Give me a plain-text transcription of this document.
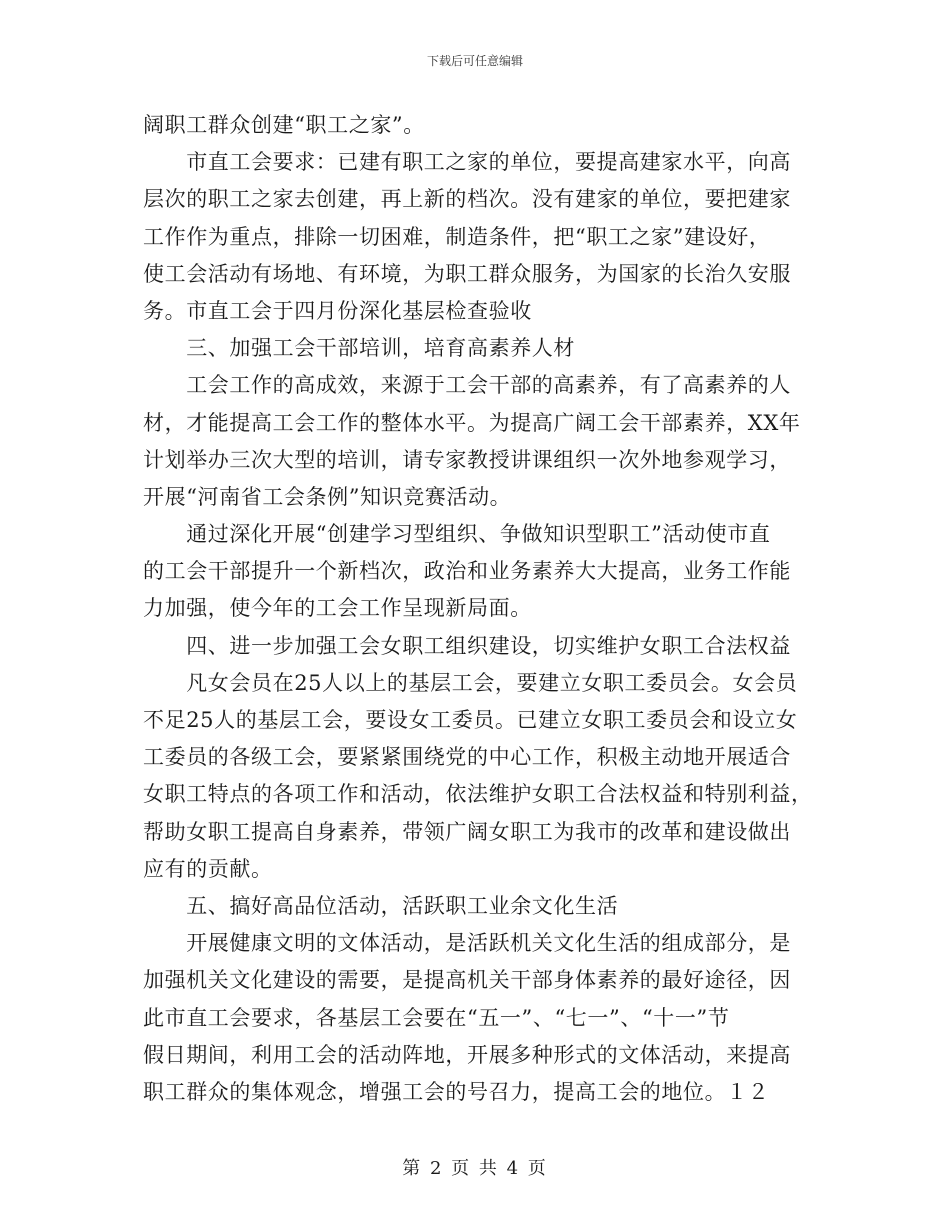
下载后可任意编辑
阔职工群众创建“职工之家”。
　　市直工会要求：已建有职工之家的单位，要提高建家水平，向高
层次的职工之家去创建，再上新的档次。没有建家的单位，要把建家
工作作为重点，排除一切困难，制造条件，把“职工之家”建设好，
使工会活动有场地、有环境，为职工群众服务，为国家的长治久安服
务。市直工会于四月份深化基层检查验收
　　三、加强工会干部培训，培育高素养人材
　　工会工作的高成效，来源于工会干部的高素养，有了高素养的人
材，才能提高工会工作的整体水平。为提高广阔工会干部素养，XX年
计划举办三次大型的培训，请专家教授讲课组织一次外地参观学习，
开展“河南省工会条例”知识竞赛活动。
　　通过深化开展“创建学习型组织、争做知识型职工”活动使市直
的工会干部提升一个新档次，政治和业务素养大大提高，业务工作能
力加强，使今年的工会工作呈现新局面。
　　四、进一步加强工会女职工组织建设，切实维护女职工合法权益
　　凡女会员在25人以上的基层工会，要建立女职工委员会。女会员
不足25人的基层工会，要设女工委员。已建立女职工委员会和设立女
工委员的各级工会，要紧紧围绕党的中心工作，积极主动地开展适合
女职工特点的各项工作和活动，依法维护女职工合法权益和特别利益，
帮助女职工提高自身素养，带领广阔女职工为我市的改革和建设做出
应有的贡献。
　　五、搞好高品位活动，活跃职工业余文化生活
　　开展健康文明的文体活动，是活跃机关文化生活的组成部分，是
加强机关文化建设的需要，是提高机关干部身体素养的最好途径，因
此市直工会要求，各基层工会要在“五一”、“七一”、“十一”节
假日期间，利用工会的活动阵地，开展多种形式的文体活动，来提高
职工群众的集体观念，增强工会的号召力，提高工会的地位。１２
第 2 页 共 4 页
